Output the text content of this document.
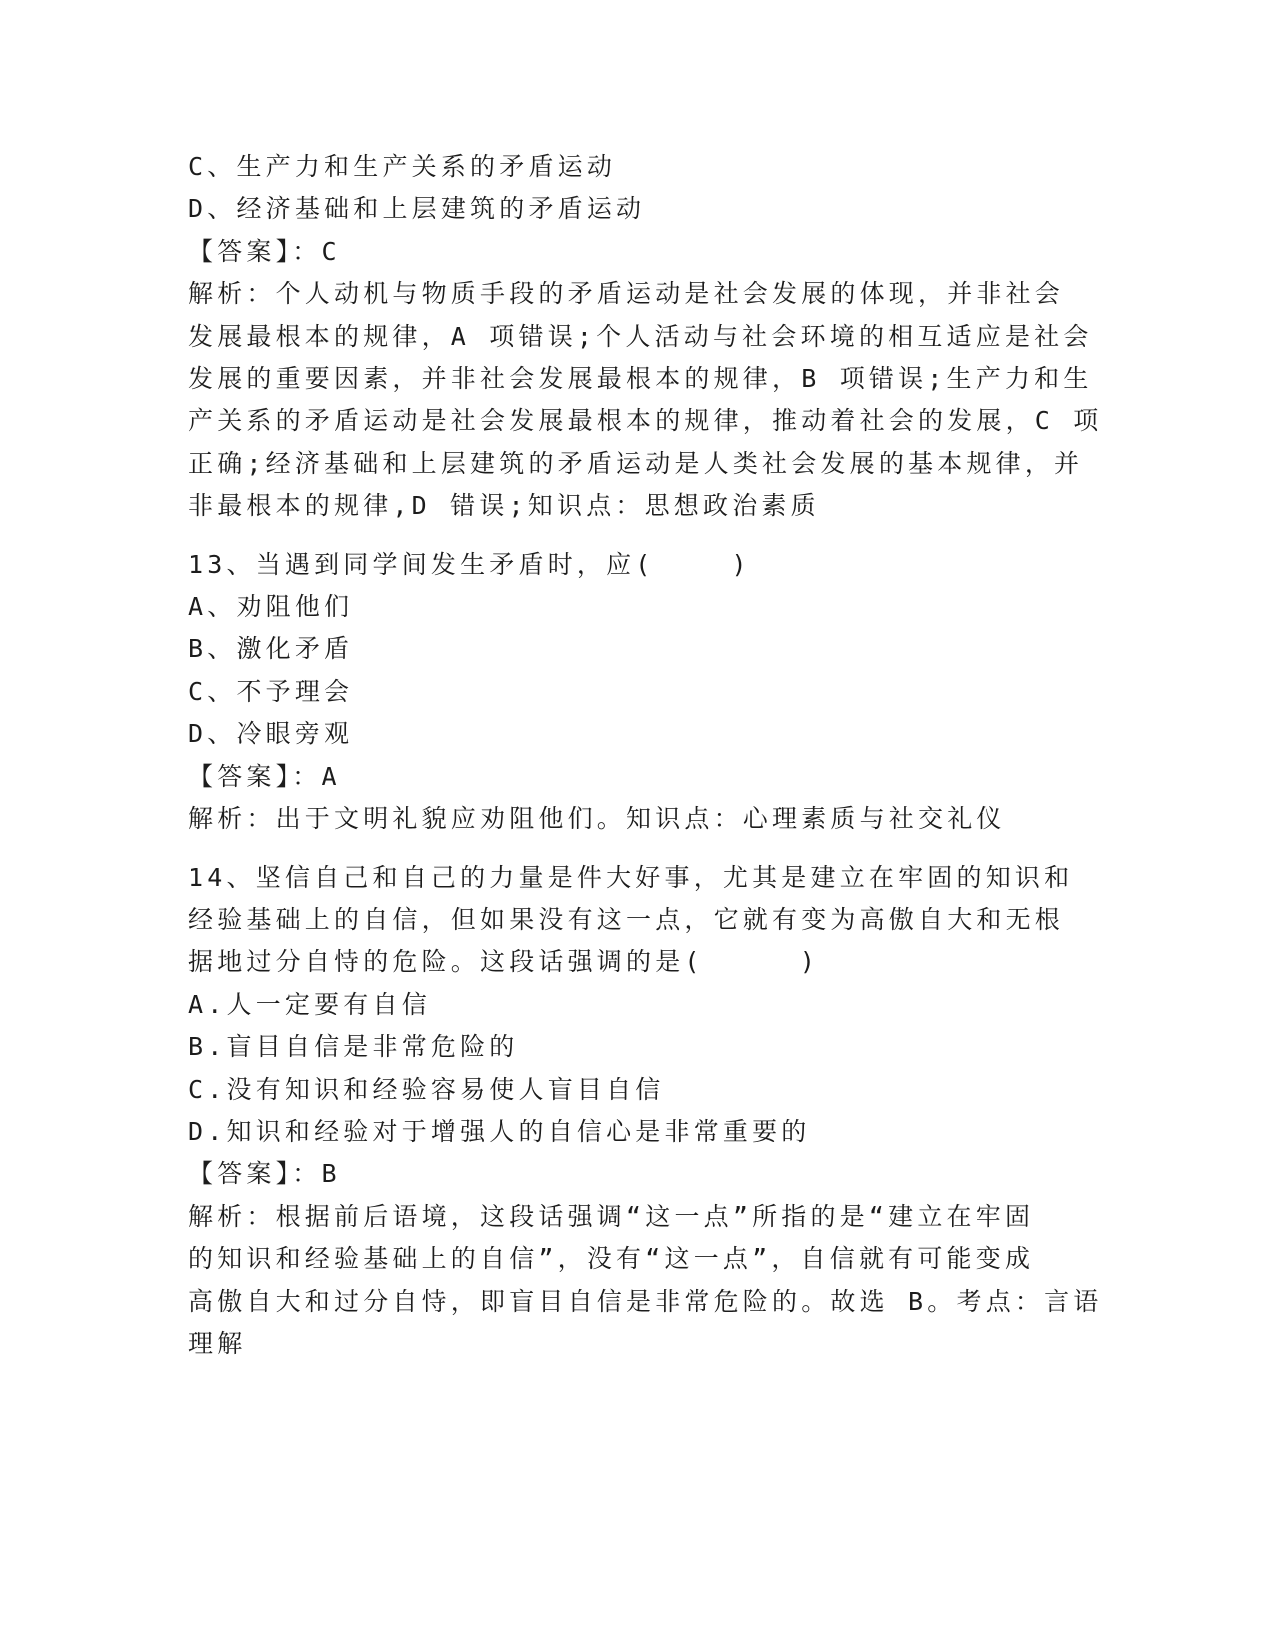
C、生产力和生产关系的矛盾运动
D、经济基础和上层建筑的矛盾运动
【答案】：C
解析：个人动机与物质手段的矛盾运动是社会发展的体现，并非社会
发展最根本的规律，A 项错误;个人活动与社会环境的相互适应是社会
发展的重要因素，并非社会发展最根本的规律，B 项错误;生产力和生
产关系的矛盾运动是社会发展最根本的规律，推动着社会的发展，C 项
正确;经济基础和上层建筑的矛盾运动是人类社会发展的基本规律，并
非最根本的规律,D 错误;知识点：思想政治素质
13、当遇到同学间发生矛盾时，应(    )
A、劝阻他们
B、激化矛盾
C、不予理会
D、冷眼旁观
【答案】：A
解析：出于文明礼貌应劝阻他们。知识点：心理素质与社交礼仪
14、坚信自己和自己的力量是件大好事，尤其是建立在牢固的知识和
经验基础上的自信，但如果没有这一点，它就有变为高傲自大和无根
据地过分自恃的危险。这段话强调的是(     )
A.人一定要有自信
B.盲目自信是非常危险的
C.没有知识和经验容易使人盲目自信
D.知识和经验对于增强人的自信心是非常重要的
【答案】：B
解析：根据前后语境，这段话强调“这一点”所指的是“建立在牢固
的知识和经验基础上的自信”，没有“这一点”，自信就有可能变成
高傲自大和过分自恃，即盲目自信是非常危险的。故选 B。考点：言语
理解
